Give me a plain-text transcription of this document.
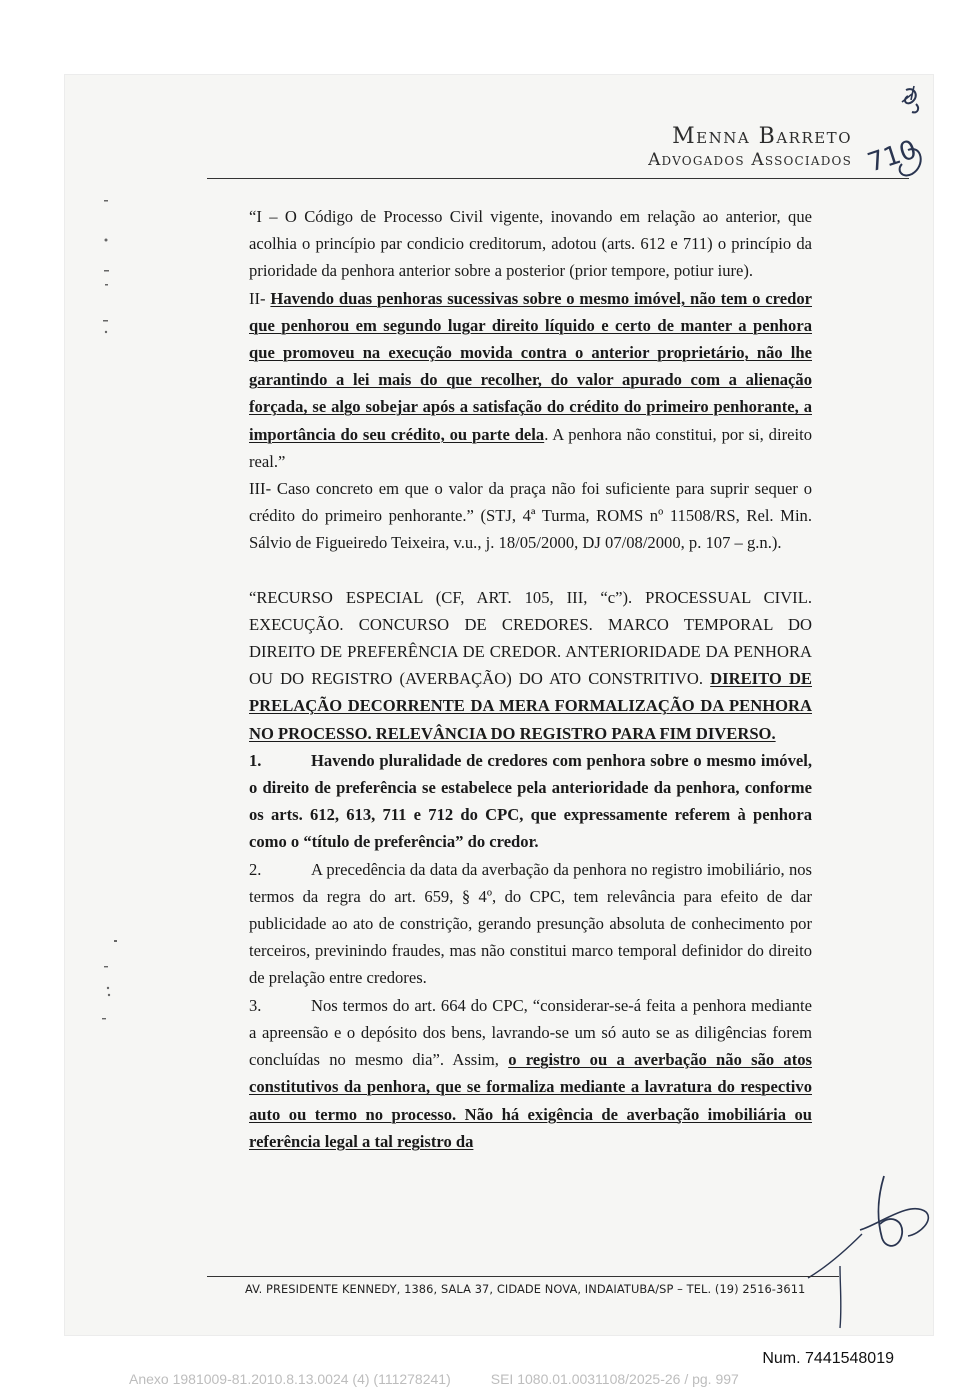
Menna Barreto
Advogados Associados 710

“I – O Código de Processo Civil vigente, inovando em relação ao anterior, que acolhia o princípio par condicio creditorum, adotou (arts. 612 e 711) o princípio da prioridade da penhora anterior sobre a posterior (prior tempore, potiur iure).

II- Havendo duas penhoras sucessivas sobre o mesmo imóvel, não tem o credor que penhorou em segundo lugar direito líquido e certo de manter a penhora que promoveu na execução movida contra o anterior proprietário, não lhe garantindo a lei mais do que recolher, do valor apurado com a alienação forçada, se algo sobejar após a satisfação do crédito do primeiro penhorante, a importância do seu crédito, ou parte dela. A penhora não constitui, por si, direito real.”

III- Caso concreto em que o valor da praça não foi suficiente para suprir sequer o crédito do primeiro penhorante.” (STJ, 4ª Turma, ROMS nº 11508/RS, Rel. Min. Sálvio de Figueiredo Teixeira, v.u., j. 18/05/2000, DJ 07/08/2000, p. 107 – g.n.).

“RECURSO ESPECIAL (CF, ART. 105, III, “c”). PROCESSUAL CIVIL. EXECUÇÃO. CONCURSO DE CREDORES. MARCO TEMPORAL DO DIREITO DE PREFERÊNCIA DE CREDOR. ANTERIORIDADE DA PENHORA OU DO REGISTRO (AVERBAÇÃO) DO ATO CONSTRITIVO. DIREITO DE PRELAÇÃO DECORRENTE DA MERA FORMALIZAÇÃO DA PENHORA NO PROCESSO. RELEVÂNCIA DO REGISTRO PARA FIM DIVERSO.

1.	Havendo pluralidade de credores com penhora sobre o mesmo imóvel, o direito de preferência se estabelece pela anterioridade da penhora, conforme os arts. 612, 613, 711 e 712 do CPC, que expressamente referem à penhora como o “título de preferência” do credor.

2.	A precedência da data da averbação da penhora no registro imobiliário, nos termos da regra do art. 659, § 4º, do CPC, tem relevância para efeito de dar publicidade ao ato de constrição, gerando presunção absoluta de conhecimento por terceiros, previnindo fraudes, mas não constitui marco temporal definidor do direito de prelação entre credores.

3.	Nos termos do art. 664 do CPC, “considerar-se-á feita a penhora mediante a apreensão e o depósito dos bens, lavrando-se um só auto se as diligências forem concluídas no mesmo dia”. Assim, o registro ou a averbação não são atos constitutivos da penhora, que se formaliza mediante a lavratura do respectivo auto ou termo no processo. Não há exigência de averbação imobiliária ou referência legal a tal registro da

AV. PRESIDENTE KENNEDY, 1386, SALA 37, CIDADE NOVA, INDAIATUBA/SP – TEL. (19) 2516-3611
Num. 7441548019
Anexo 1981009-81.2010.8.13.0024 (4) (111278241)	SEI 1080.01.0031108/2025-26 / pg. 997
